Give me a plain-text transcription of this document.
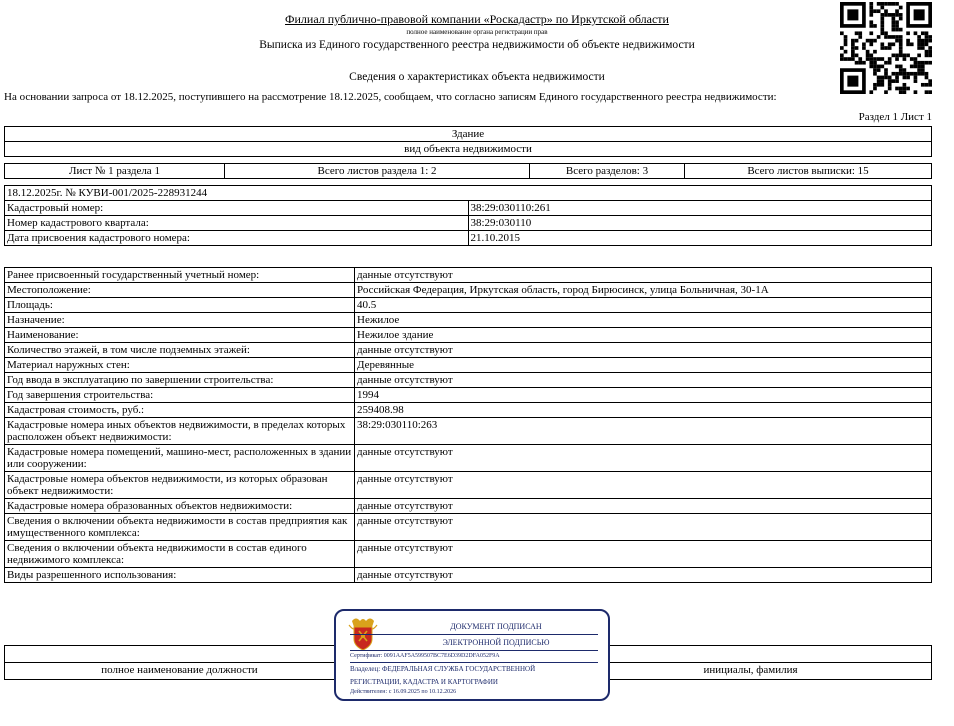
Филиал публично-правовой компании «Роскадастр» по Иркутской области
полное наименование органа регистрации прав
Выписка из Единого государственного реестра недвижимости об объекте недвижимости
Сведения о характеристиках объекта недвижимости
На основании запроса от 18.12.2025, поступившего на рассмотрение 18.12.2025, сообщаем, что согласно записям Единого государственного реестра недвижимости:
Раздел 1 Лист 1
Здание
вид объекта недвижимости
Лист № 1 раздела 1	Всего листов раздела 1: 2	Всего разделов: 3	Всего листов выписки: 15
18.12.2025г. № КУВИ-001/2025-228931244	
Кадастровый номер:	38:29:030110:261
Номер кадастрового квартала:	38:29:030110
Дата присвоения кадастрового номера:	21.10.2015
Ранее присвоенный государственный учетный номер:	данные отсутствуют
Местоположение:	Российская Федерация, Иркутская область, город Бирюсинск, улица Больничная, 30-1А
Площадь:	40.5
Назначение:	Нежилое
Наименование:	Нежилое здание
Количество этажей, в том числе подземных этажей:	данные отсутствуют
Материал наружных стен:	Деревянные
Год ввода в эксплуатацию по завершении строительства:	данные отсутствуют
Год завершения строительства:	1994
Кадастровая стоимость, руб.:	259408.98
Кадастровые номера иных объектов недвижимости, в пределах которых расположен объект недвижимости:	38:29:030110:263
Кадастровые номера помещений, машино-мест, расположенных в здании или сооружении:	данные отсутствуют
Кадастровые номера объектов недвижимости, из которых образован объект недвижимости:	данные отсутствуют
Кадастровые номера образованных объектов недвижимости:	данные отсутствуют
Сведения о включении объекта недвижимости в состав предприятия как имущественного комплекса:	данные отсутствуют
Сведения о включении объекта недвижимости в состав единого недвижимого комплекса:	данные отсутствуют
Виды разрешенного использования:	данные отсутствуют

полное наименование должности		инициалы, фамилия
ДОКУМЕНТ ПОДПИСАН
ЭЛЕКТРОННОЙ ПОДПИСЬЮ
Сертификат: 0091AAF5A599507BC7E6D39D2DFA052F9A
Владелец: ФЕДЕРАЛЬНАЯ СЛУЖБА ГОСУДАРСТВЕННОЙ
РЕГИСТРАЦИИ, КАДАСТРА И КАРТОГРАФИИ
Действителен: с 16.09.2025 по 10.12.2026
